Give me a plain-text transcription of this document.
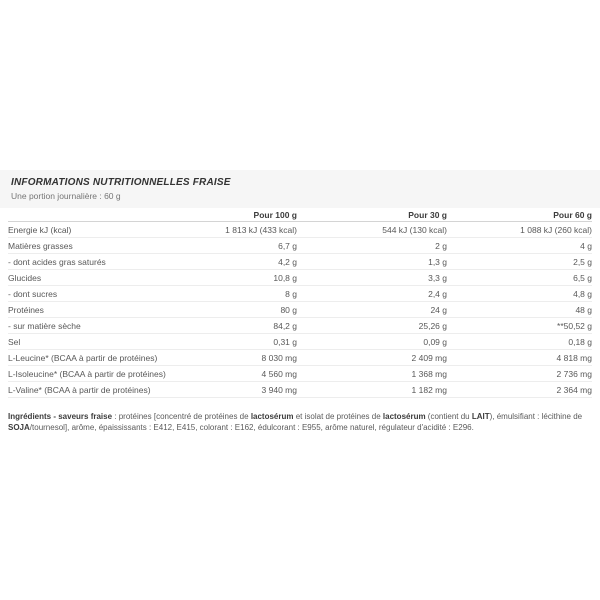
INFORMATIONS NUTRITIONNELLES FRAISE
Une portion journalière : 60 g
	Pour 100 g	Pour 30 g	Pour 60 g
Energie kJ (kcal)	1 813 kJ (433 kcal)	544 kJ (130 kcal)	1 088 kJ (260 kcal)
Matières grasses	6,7 g	2 g	4 g
- dont acides gras saturés	4,2 g	1,3 g	2,5 g
Glucides	10,8 g	3,3 g	6,5 g
- dont sucres	8 g	2,4 g	4,8 g
Protéines	80 g	24 g	48 g
- sur matière sèche	84,2 g	25,26 g	**50,52 g
Sel	0,31 g	0,09 g	0,18 g
L-Leucine* (BCAA à partir de protéines)	8 030 mg	2 409 mg	4 818 mg
L-Isoleucine* (BCAA à partir de protéines)	4 560 mg	1 368 mg	2 736 mg
L-Valine* (BCAA à partir de protéines)	3 940 mg	1 182 mg	2 364 mg

Ingrédients - saveurs fraise : protéines [concentré de protéines de lactosérum et isolat de protéines de lactosérum (contient du LAIT), émulsifiant : lécithine de SOJA/tournesol], arôme, épaississants : E412, E415, colorant : E162, édulcorant : E955, arôme naturel, régulateur d'acidité : E296.
